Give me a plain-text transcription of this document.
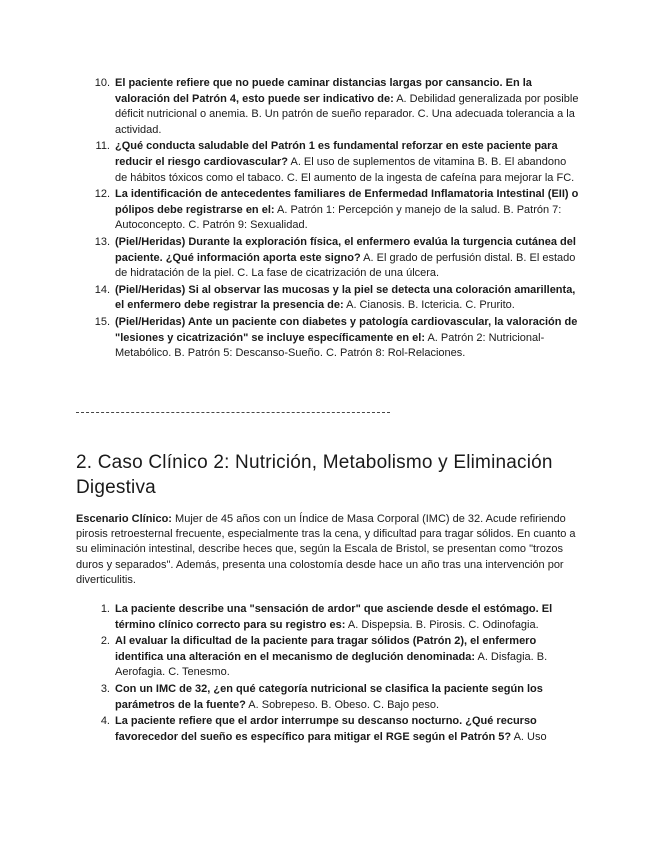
10. El paciente refiere que no puede caminar distancias largas por cansancio. En la valoración del Patrón 4, esto puede ser indicativo de: A. Debilidad generalizada por posible déficit nutricional o anemia. B. Un patrón de sueño reparador. C. Una adecuada tolerancia a la actividad.
11. ¿Qué conducta saludable del Patrón 1 es fundamental reforzar en este paciente para reducir el riesgo cardiovascular? A. El uso de suplementos de vitamina B. B. El abandono de hábitos tóxicos como el tabaco. C. El aumento de la ingesta de cafeína para mejorar la FC.
12. La identificación de antecedentes familiares de Enfermedad Inflamatoria Intestinal (EII) o pólipos debe registrarse en el: A. Patrón 1: Percepción y manejo de la salud. B. Patrón 7: Autoconcepto. C. Patrón 9: Sexualidad.
13. (Piel/Heridas) Durante la exploración física, el enfermero evalúa la turgencia cutánea del paciente. ¿Qué información aporta este signo? A. El grado de perfusión distal. B. El estado de hidratación de la piel. C. La fase de cicatrización de una úlcera.
14. (Piel/Heridas) Si al observar las mucosas y la piel se detecta una coloración amarillenta, el enfermero debe registrar la presencia de: A. Cianosis. B. Ictericia. C. Prurito.
15. (Piel/Heridas) Ante un paciente con diabetes y patología cardiovascular, la valoración de "lesiones y cicatrización" se incluye específicamente en el: A. Patrón 2: Nutricional-Metabólico. B. Patrón 5: Descanso-Sueño. C. Patrón 8: Rol-Relaciones.
2. Caso Clínico 2: Nutrición, Metabolismo y Eliminación Digestiva

Escenario Clínico: Mujer de 45 años con un Índice de Masa Corporal (IMC) de 32. Acude refiriendo pirosis retroesternal frecuente, especialmente tras la cena, y dificultad para tragar sólidos. En cuanto a su eliminación intestinal, describe heces que, según la Escala de Bristol, se presentan como "trozos duros y separados". Además, presenta una colostomía desde hace un año tras una intervención por diverticulitis.

1. La paciente describe una "sensación de ardor" que asciende desde el estómago. El término clínico correcto para su registro es: A. Dispepsia. B. Pirosis. C. Odinofagia.
2. Al evaluar la dificultad de la paciente para tragar sólidos (Patrón 2), el enfermero identifica una alteración en el mecanismo de deglución denominada: A. Disfagia. B. Aerofagia. C. Tenesmo.
3. Con un IMC de 32, ¿en qué categoría nutricional se clasifica la paciente según los parámetros de la fuente? A. Sobrepeso. B. Obeso. C. Bajo peso.
4. La paciente refiere que el ardor interrumpe su descanso nocturno. ¿Qué recurso favorecedor del sueño es específico para mitigar el RGE según el Patrón 5? A. Uso
